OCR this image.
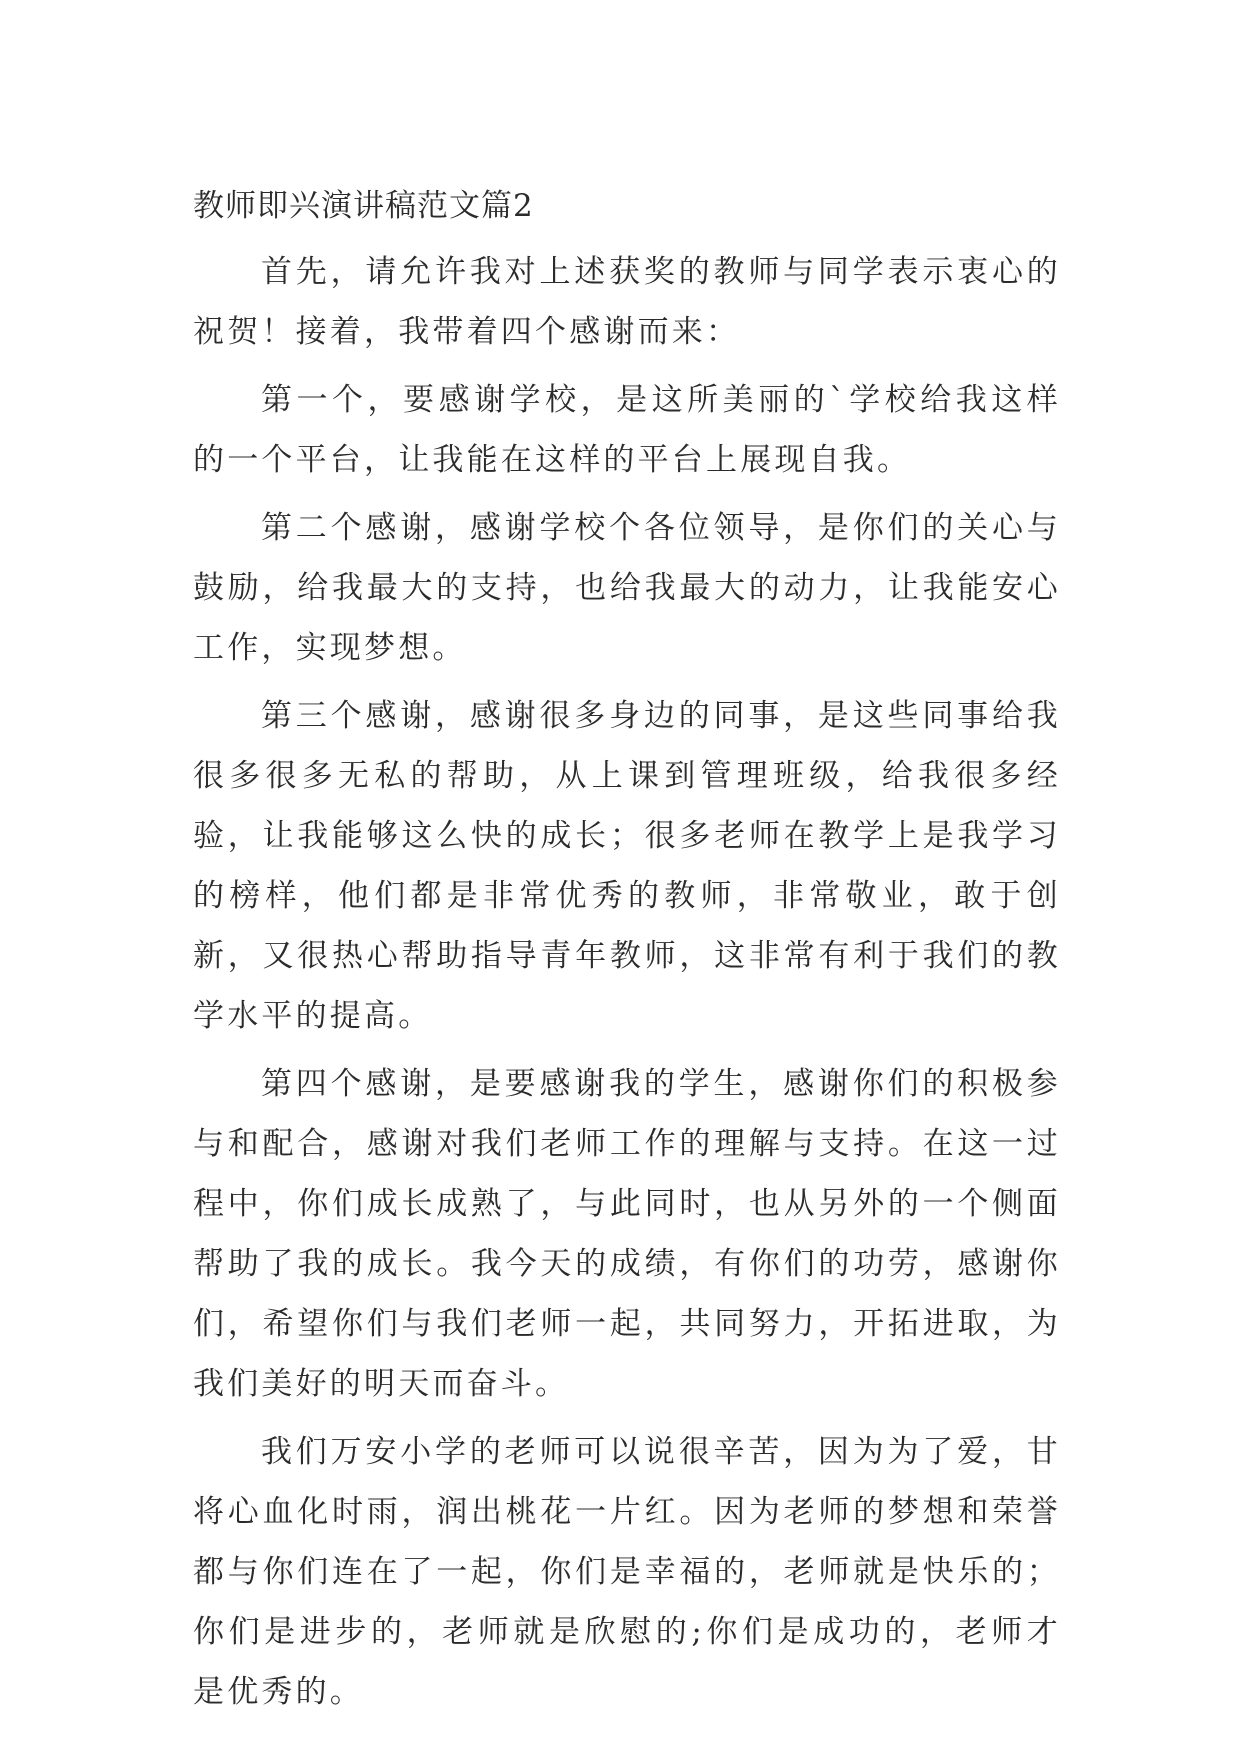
教师即兴演讲稿范文篇2

首先，请允许我对上述获奖的教师与同学表示衷心的祝贺！接着，我带着四个感谢而来：

第一个，要感谢学校，是这所美丽的`学校给我这样的一个平台，让我能在这样的平台上展现自我。

第二个感谢，感谢学校个各位领导，是你们的关心与鼓励，给我最大的支持，也给我最大的动力，让我能安心工作，实现梦想。

第三个感谢，感谢很多身边的同事，是这些同事给我很多很多无私的帮助，从上课到管理班级，给我很多经验，让我能够这么快的成长；很多老师在教学上是我学习的榜样，他们都是非常优秀的教师，非常敬业，敢于创新，又很热心帮助指导青年教师，这非常有利于我们的教学水平的提高。

第四个感谢，是要感谢我的学生，感谢你们的积极参与和配合，感谢对我们老师工作的理解与支持。在这一过程中，你们成长成熟了，与此同时，也从另外的一个侧面帮助了我的成长。我今天的成绩，有你们的功劳，感谢你们，希望你们与我们老师一起，共同努力，开拓进取，为我们美好的明天而奋斗。

我们万安小学的老师可以说很辛苦，因为为了爱，甘将心血化时雨，润出桃花一片红。因为老师的梦想和荣誉都与你们连在了一起，你们是幸福的，老师就是快乐的；你们是进步的，老师就是欣慰的;你们是成功的，老师才是优秀的。
